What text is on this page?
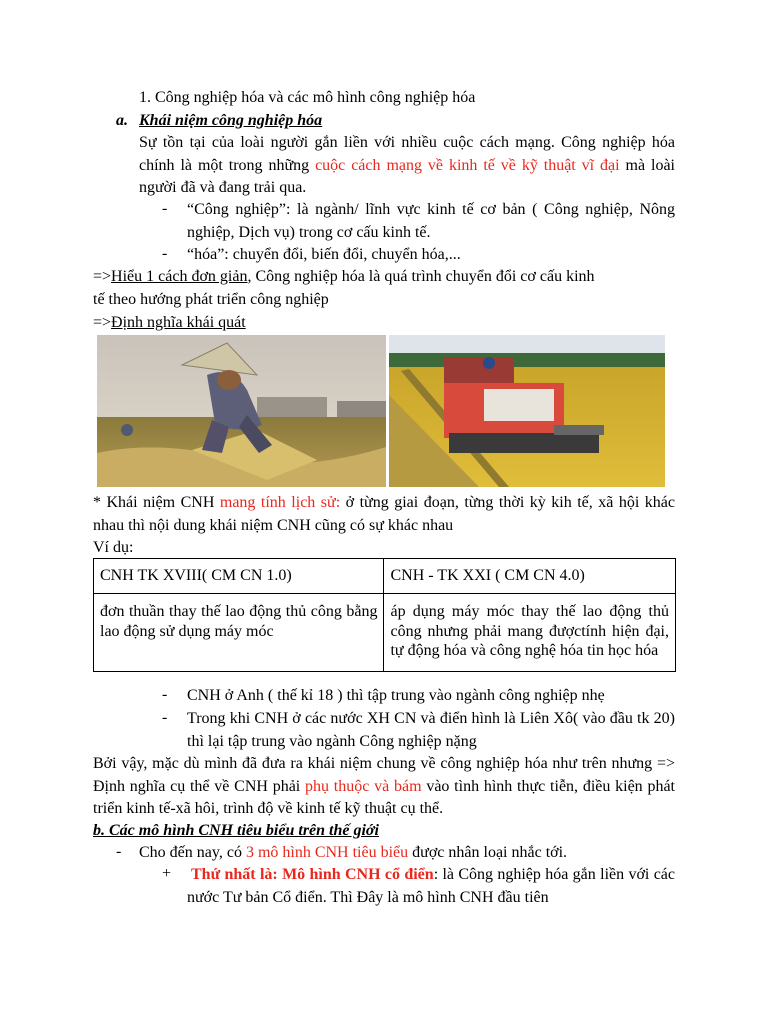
1. Công nghiệp hóa và các mô hình công nghiệp hóa
a. Khái niệm công nghiệp hóa
Sự tồn tại của loài người gắn liền với nhiều cuộc cách mạng. Công nghiệp hóa chính là một trong những cuộc cách mạng về kinh tế về kỹ thuật vĩ đại mà loài người đã và đang trải qua.
- “Công nghiệp”: là ngành/ lĩnh vực kinh tế cơ bản ( Công nghiệp, Nông nghiệp, Dịch vụ) trong cơ cấu kinh tế.
- “hóa”: chuyển đổi, biến đổi, chuyển hóa,...
=>Hiểu 1 cách đơn giản, Công nghiệp hóa là quá trình chuyển đổi cơ cấu kinh
tế theo hướng phát triển công nghiệp
=>Định nghĩa khái quát
* Khái niệm CNH mang tính lịch sử: ở từng giai đoạn, từng thời kỳ kih tế, xã hội khác nhau thì nội dung khái niệm CNH cũng có sự khác nhau
Ví dụ:
CNH TK XVIII( CM CN 1.0)	CNH - TK XXI ( CM CN 4.0)
đơn thuần thay thế lao động thủ công bằng lao động sử dụng máy móc	áp dụng máy móc thay thế lao động thủ công nhưng phải mang đượctính hiện đại, tự động hóa và công nghệ hóa tin học hóa
- CNH ở Anh ( thế kỉ 18 ) thì tập trung vào ngành công nghiệp nhẹ
- Trong khi CNH ở các nước XH CN và điển hình là Liên Xô( vào đầu tk 20) thì lại tập trung vào ngành Công nghiệp nặng
Bởi vậy, mặc dù mình đã đưa ra khái niệm chung về công nghiệp hóa như trên nhưng => Định nghĩa cụ thể về CNH phải phụ thuộc và bám vào tình hình thực tiễn, điều kiện phát triển kinh tế-xã hôi, trình độ về kinh tế kỹ thuật cụ thể.
b. Các mô hình CNH tiêu biểu trên thế giới
- Cho đến nay, có 3 mô hình CNH tiêu biểu được nhân loại nhắc tới.
+ Thứ nhất là: Mô hình CNH cổ điển: là Công nghiệp hóa gắn liền với các nước Tư bản Cổ điển. Thì Đây là mô hình CNH đầu tiên
